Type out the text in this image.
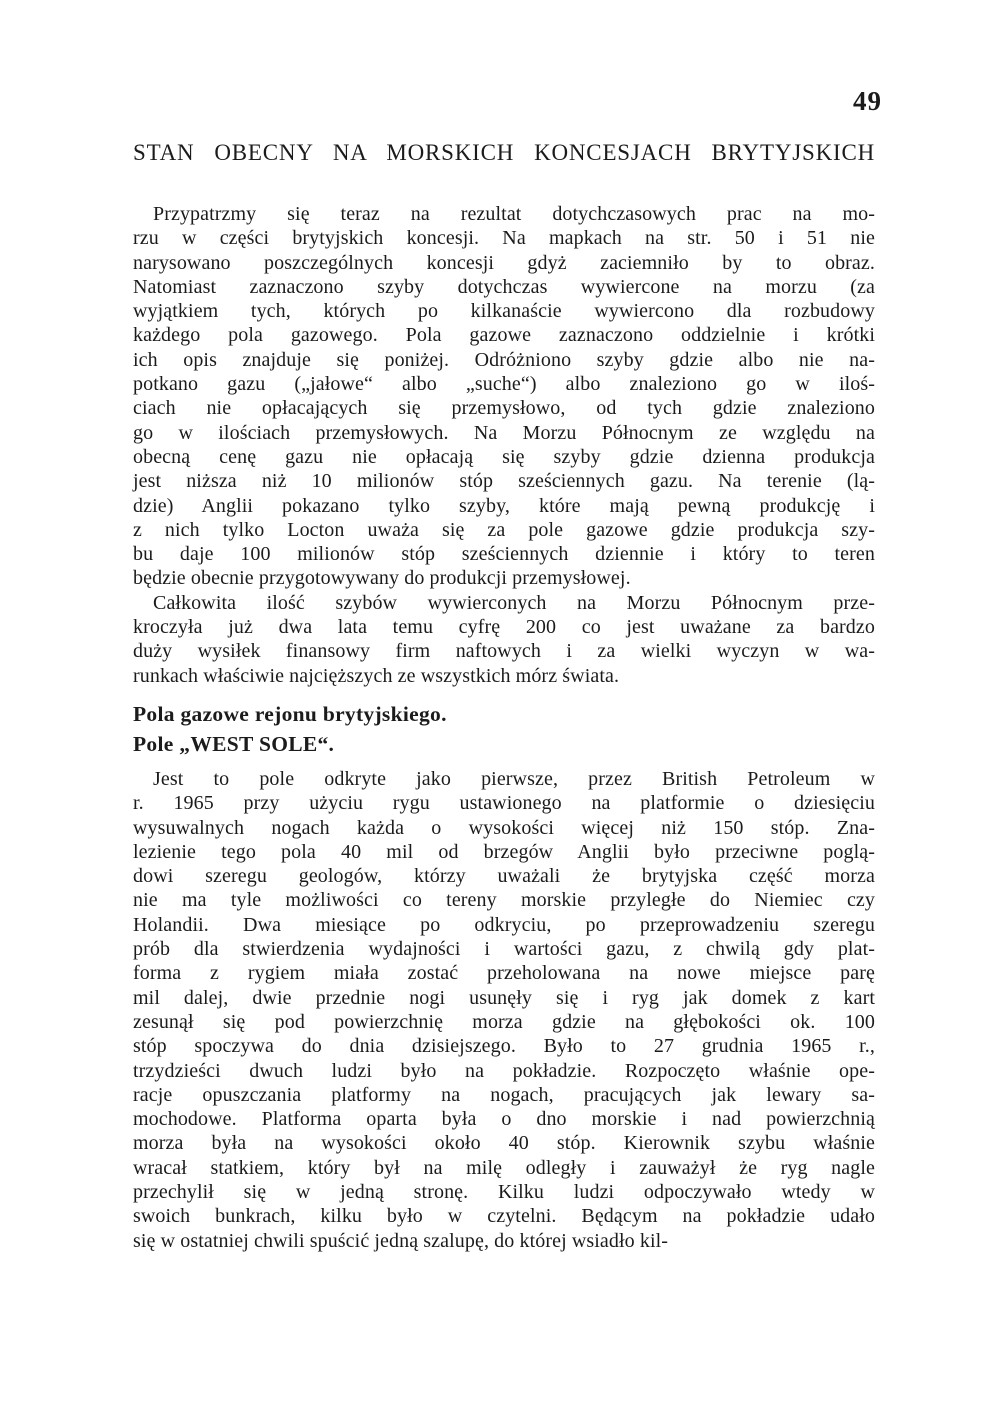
49
STAN OBECNY NA MORSKICH KONCESJACH BRYTYJSKICH
Przypatrzmy się teraz na rezultat dotychczasowych prac na mo-
rzu w części brytyjskich koncesji. Na mapkach na str. 50 i 51 nie
narysowano poszczególnych koncesji gdyż zaciemniło by to obraz.
Natomiast zaznaczono szyby dotychczas wywiercone na morzu (za
wyjątkiem tych, których po kilkanaście wywiercono dla rozbudowy
każdego pola gazowego. Pola gazowe zaznaczono oddzielnie i krótki
ich opis znajduje się poniżej. Odróżniono szyby gdzie albo nie na-
potkano gazu („jałowe“ albo „suche“) albo znaleziono go w iloś-
ciach nie opłacających się przemysłowo, od tych gdzie znaleziono
go w ilościach przemysłowych. Na Morzu Północnym ze względu na
obecną cenę gazu nie opłacają się szyby gdzie dzienna produkcja
jest niższa niż 10 milionów stóp sześciennych gazu. Na terenie (lą-
dzie) Anglii pokazano tylko szyby, które mają pewną produkcję i
z nich tylko Locton uważa się za pole gazowe gdzie produkcja szy-
bu daje 100 milionów stóp sześciennych dziennie i który to teren
będzie obecnie przygotowywany do produkcji przemysłowej.
Całkowita ilość szybów wywierconych na Morzu Północnym prze-
kroczyła już dwa lata temu cyfrę 200 co jest uważane za bardzo
duży wysiłek finansowy firm naftowych i za wielki wyczyn w wa-
runkach właściwie najcięższych ze wszystkich mórz świata.
Pola gazowe rejonu brytyjskiego.
Pole „WEST SOLE“.
Jest to pole odkryte jako pierwsze, przez British Petroleum w
r. 1965 przy użyciu rygu ustawionego na platformie o dziesięciu
wysuwalnych nogach każda o wysokości więcej niż 150 stóp. Zna-
lezienie tego pola 40 mil od brzegów Anglii było przeciwne poglą-
dowi szeregu geologów, którzy uważali że brytyjska część morza
nie ma tyle możliwości co tereny morskie przyległe do Niemiec czy
Holandii. Dwa miesiące po odkryciu, po przeprowadzeniu szeregu
prób dla stwierdzenia wydajności i wartości gazu, z chwilą gdy plat-
forma z rygiem miała zostać przeholowana na nowe miejsce parę
mil dalej, dwie przednie nogi usunęły się i ryg jak domek z kart
zesunął się pod powierzchnię morza gdzie na głębokości ok. 100
stóp spoczywa do dnia dzisiejszego. Było to 27 grudnia 1965 r.,
trzydzieści dwuch ludzi było na pokładzie. Rozpoczęto właśnie ope-
racje opuszczania platformy na nogach, pracujących jak lewary sa-
mochodowe. Platforma oparta była o dno morskie i nad powierzchnią
morza była na wysokości około 40 stóp. Kierownik szybu właśnie
wracał statkiem, który był na milę odległy i zauważył że ryg nagle
przechylił się w jedną stronę. Kilku ludzi odpoczywało wtedy w
swoich bunkrach, kilku było w czytelni. Będącym na pokładzie udało
się w ostatniej chwili spuścić jedną szalupę, do której wsiadło kil-
